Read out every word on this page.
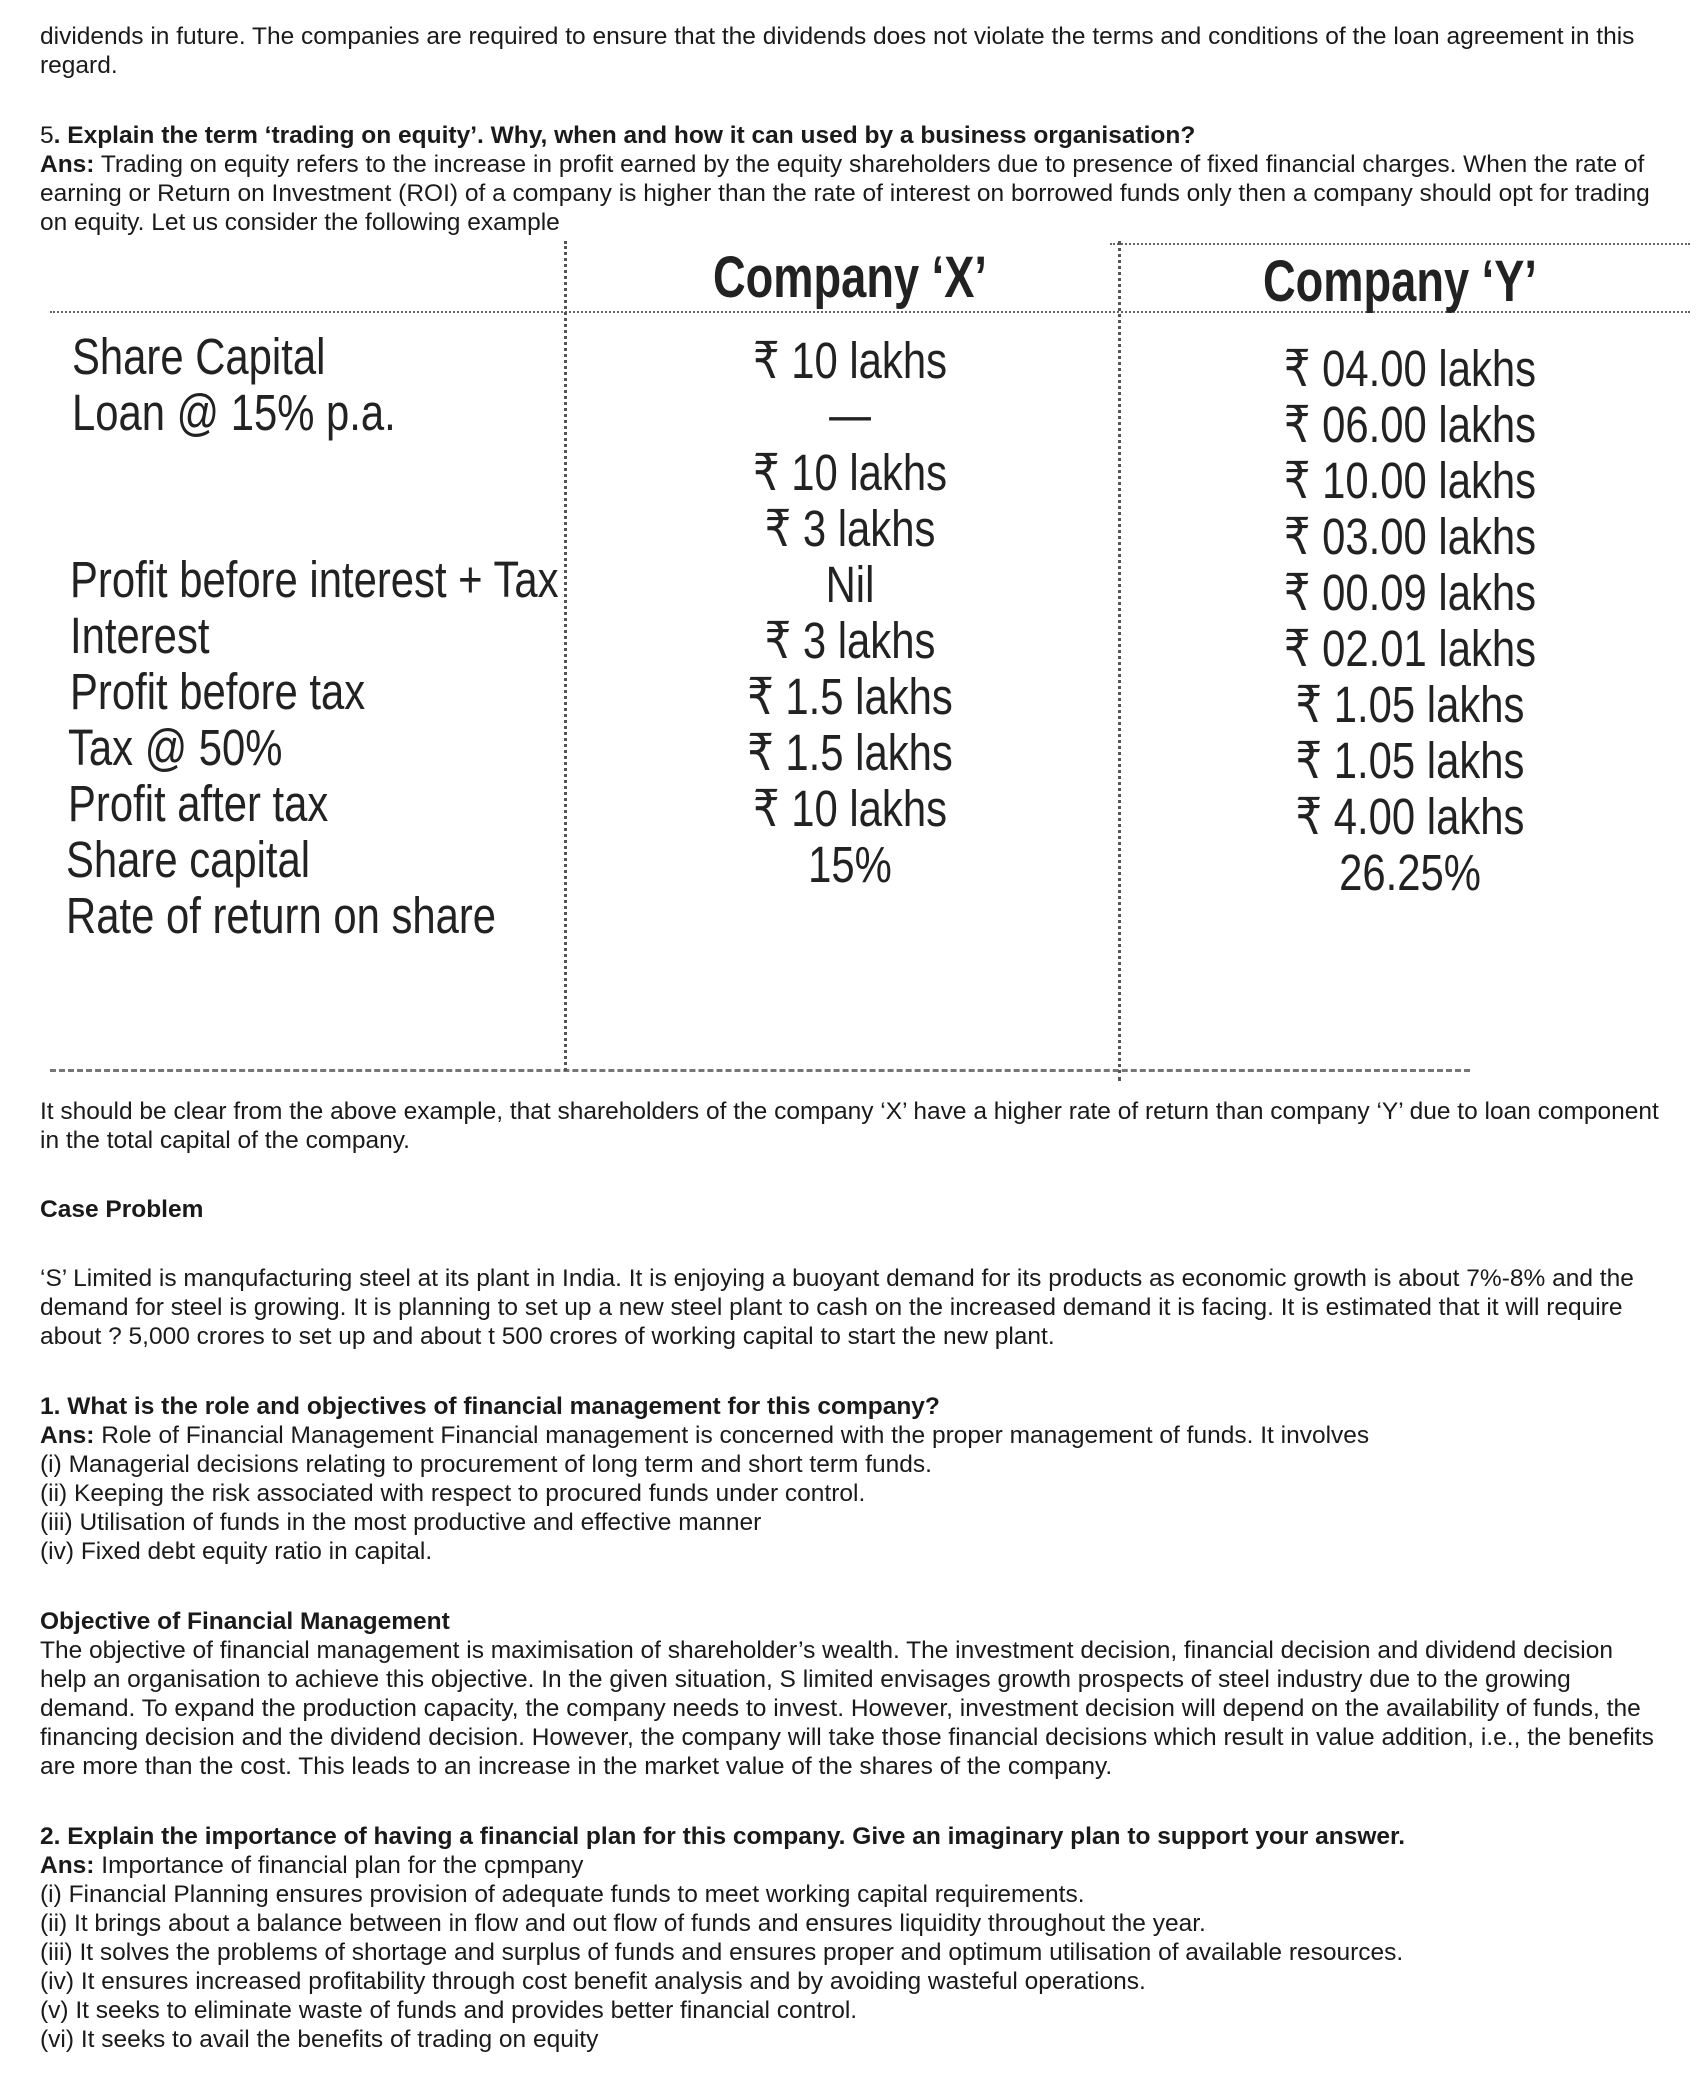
dividends in future. The companies are required to ensure that the dividends does not violate the terms and conditions of the loan agreement in this regard.

5. Explain the term ‘trading on equity’. Why, when and how it can used by a business organisation?

Ans: Trading on equity refers to the increase in profit earned by the equity shareholders due to presence of fixed financial charges. When the rate of earning or Return on Investment (ROI) of a company is higher than the rate of interest on borrowed funds only then a company should opt for trading on equity. Let us consider the following example

Company ‘X’	Company ‘Y’
Share Capital
Loan @ 15% p.a.
Profit before interest + Tax
Interest
Profit before tax
Tax @ 50%
Profit after tax
Share capital
Rate of return on share
₹ 10 lakhs
—
₹ 10 lakhs
₹ 3 lakhs
Nil
₹ 3 lakhs
₹ 1.5 lakhs
₹ 1.5 lakhs
₹ 10 lakhs
15%
₹ 04.00 lakhs
₹ 06.00 lakhs
₹ 10.00 lakhs
₹ 03.00 lakhs
₹ 00.09 lakhs
₹ 02.01 lakhs
₹ 1.05 lakhs
₹ 1.05 lakhs
₹ 4.00 lakhs
26.25%

It should be clear from the above example, that shareholders of the company ‘X’ have a higher rate of return than company ‘Y’ due to loan component in the total capital of the company.

Case Problem

‘S’ Limited is manqufacturing steel at its plant in India. It is enjoying a buoyant demand for its products as economic growth is about 7%-8% and the demand for steel is growing. It is planning to set up a new steel plant to cash on the increased demand it is facing. It is estimated that it will require about ? 5,000 crores to set up and about t 500 crores of working capital to start the new plant.

1. What is the role and objectives of financial management for this company?

Ans: Role of Financial Management Financial management is concerned with the proper management of funds. It involves

(i) Managerial decisions relating to procurement of long term and short term funds.

(ii) Keeping the risk associated with respect to procured funds under control.

(iii) Utilisation of funds in the most productive and effective manner

(iv) Fixed debt equity ratio in capital.

Objective of Financial Management

The objective of financial management is maximisation of shareholder’s wealth. The investment decision, financial decision and dividend decision help an organisation to achieve this objective. In the given situation, S limited envisages growth prospects of steel industry due to the growing demand. To expand the production capacity, the company needs to invest. However, investment decision will depend on the availability of funds, the financing decision and the dividend decision. However, the company will take those financial decisions which result in value addition, i.e., the benefits are more than the cost. This leads to an increase in the market value of the shares of the company.

2. Explain the importance of having a financial plan for this company. Give an imaginary plan to support your answer.

Ans: Importance of financial plan for the cpmpany

(i) Financial Planning ensures provision of adequate funds to meet working capital requirements.

(ii) It brings about a balance between in flow and out flow of funds and ensures liquidity throughout the year.

(iii) It solves the problems of shortage and surplus of funds and ensures proper and optimum utilisation of available resources.

(iv) It ensures increased profitability through cost benefit analysis and by avoiding wasteful operations.

(v) It seeks to eliminate waste of funds and provides better financial control.

(vi) It seeks to avail the benefits of trading on equity
